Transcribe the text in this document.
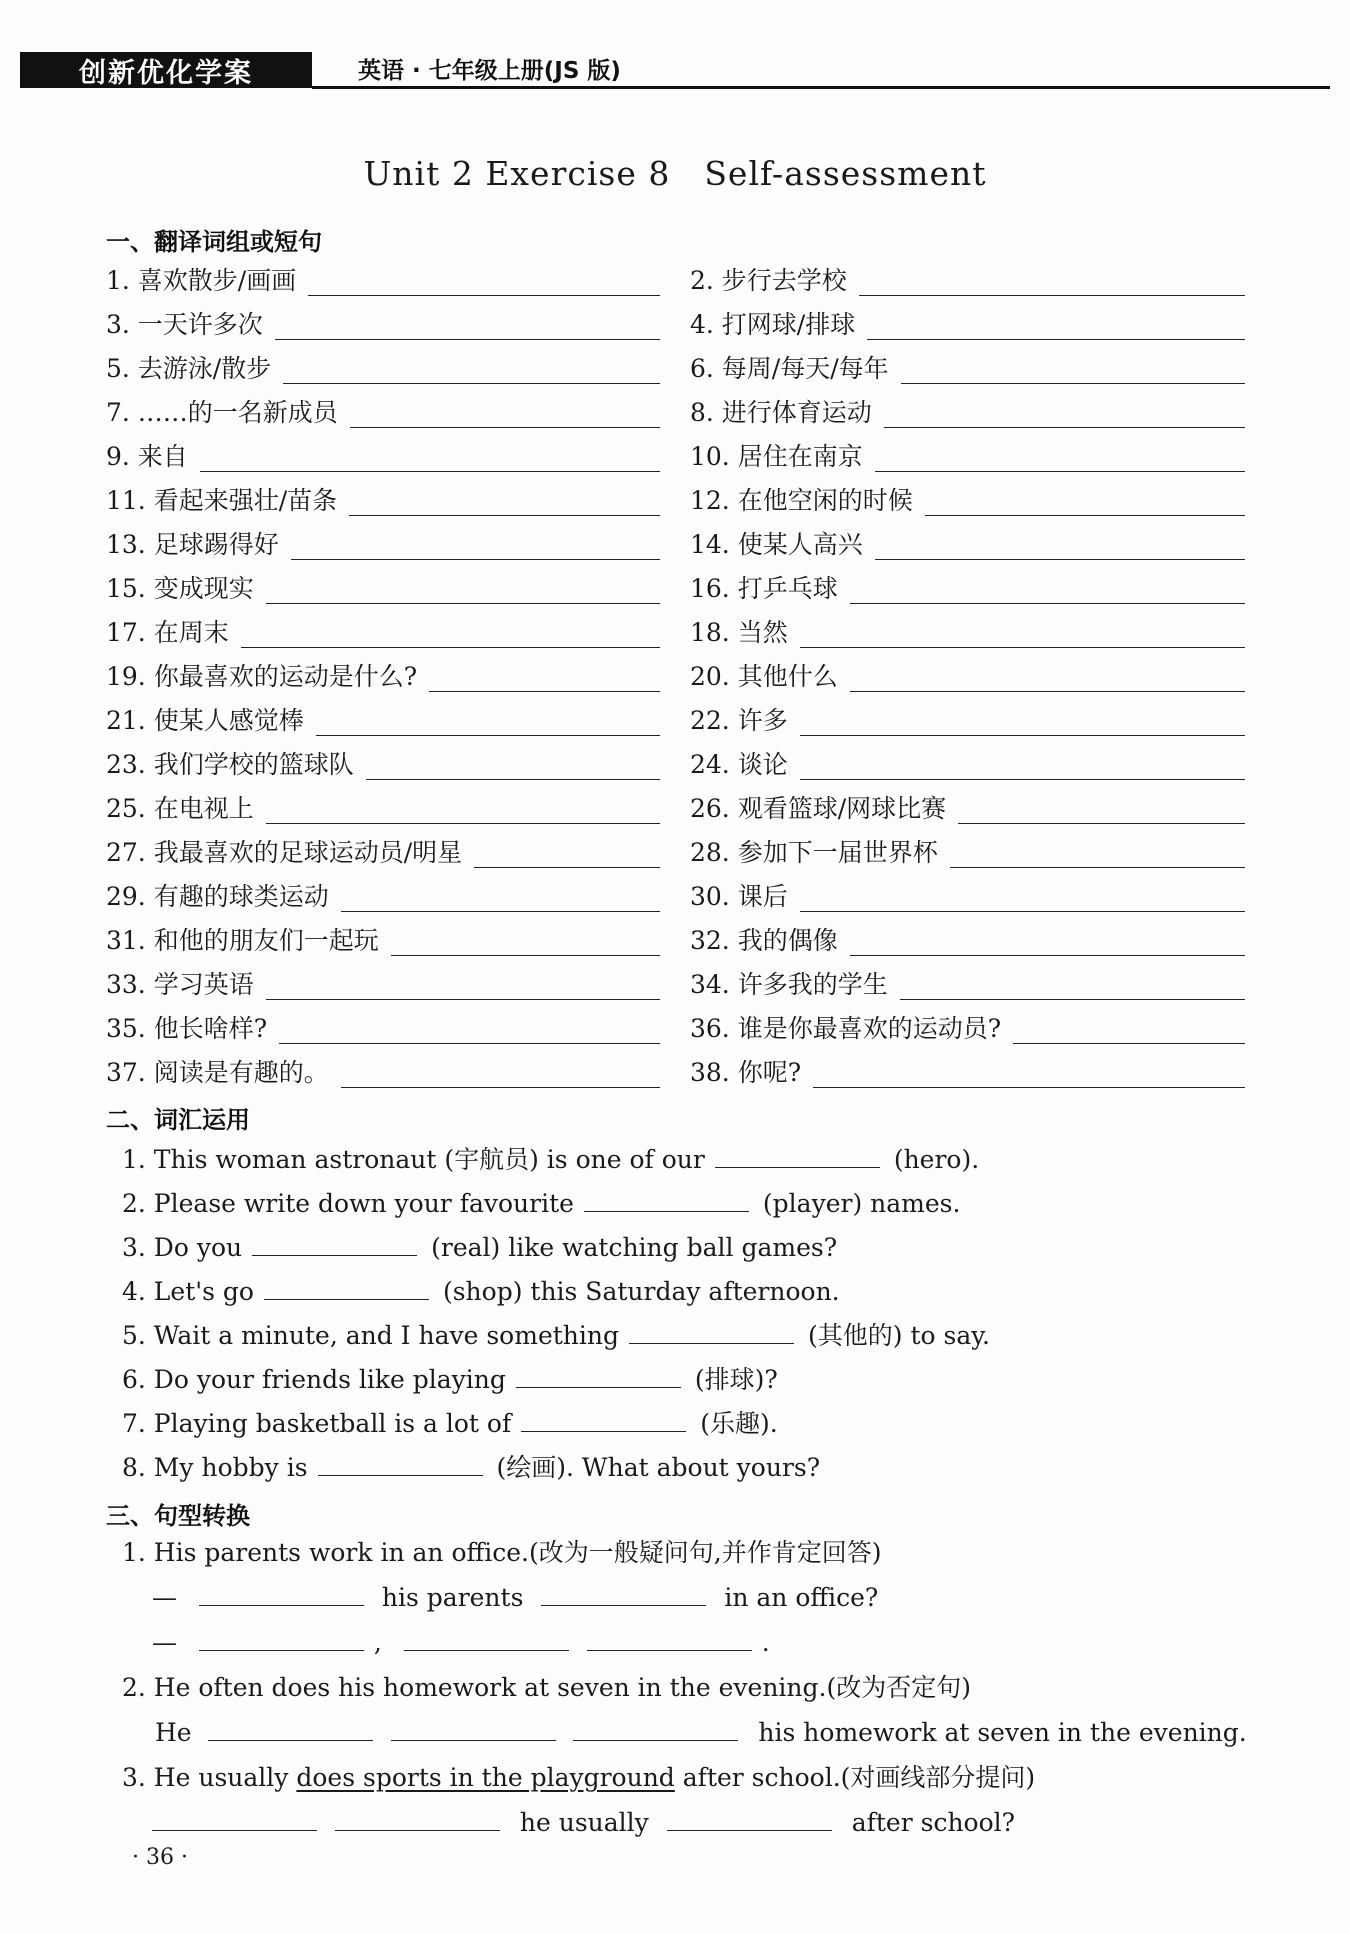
创新优化学案	英语 · 七年级上册(JS 版)
Unit 2 Exercise 8　Self-assessment
一、翻译词组或短句
1. 喜欢散步/画画	2. 步行去学校
3. 一天许多次	4. 打网球/排球
5. 去游泳/散步	6. 每周/每天/每年
7. ……的一名新成员	8. 进行体育运动
9. 来自	10. 居住在南京
11. 看起来强壮/苗条	12. 在他空闲的时候
13. 足球踢得好	14. 使某人高兴
15. 变成现实	16. 打乒乓球
17. 在周末	18. 当然
19. 你最喜欢的运动是什么?	20. 其他什么
21. 使某人感觉棒	22. 许多
23. 我们学校的篮球队	24. 谈论
25. 在电视上	26. 观看篮球/网球比赛
27. 我最喜欢的足球运动员/明星	28. 参加下一届世界杯
29. 有趣的球类运动	30. 课后
31. 和他的朋友们一起玩	32. 我的偶像
33. 学习英语	34. 许多我的学生
35. 他长啥样?	36. 谁是你最喜欢的运动员?
37. 阅读是有趣的。	38. 你呢?
二、词汇运用
1. This woman astronaut (宇航员) is one of our	(hero).
2. Please write down your favourite	(player) names.
3. Do you	(real) like watching ball games?
4. Let's go	(shop) this Saturday afternoon.
5. Wait a minute, and I have something	(其他的) to say.
6. Do your friends like playing	(排球)?
7. Playing basketball is a lot of	(乐趣).
8. My hobby is	(绘画). What about yours?
三、句型转换
1. His parents work in an office.(改为一般疑问句,并作肯定回答)
—	his parents	in an office?
—	,	.
2. He often does his homework at seven in the evening.(改为否定句)
He	his homework at seven in the evening.
3. He usually does sports in the playground after school.(对画线部分提问)
he usually	after school?
· 36 ·
